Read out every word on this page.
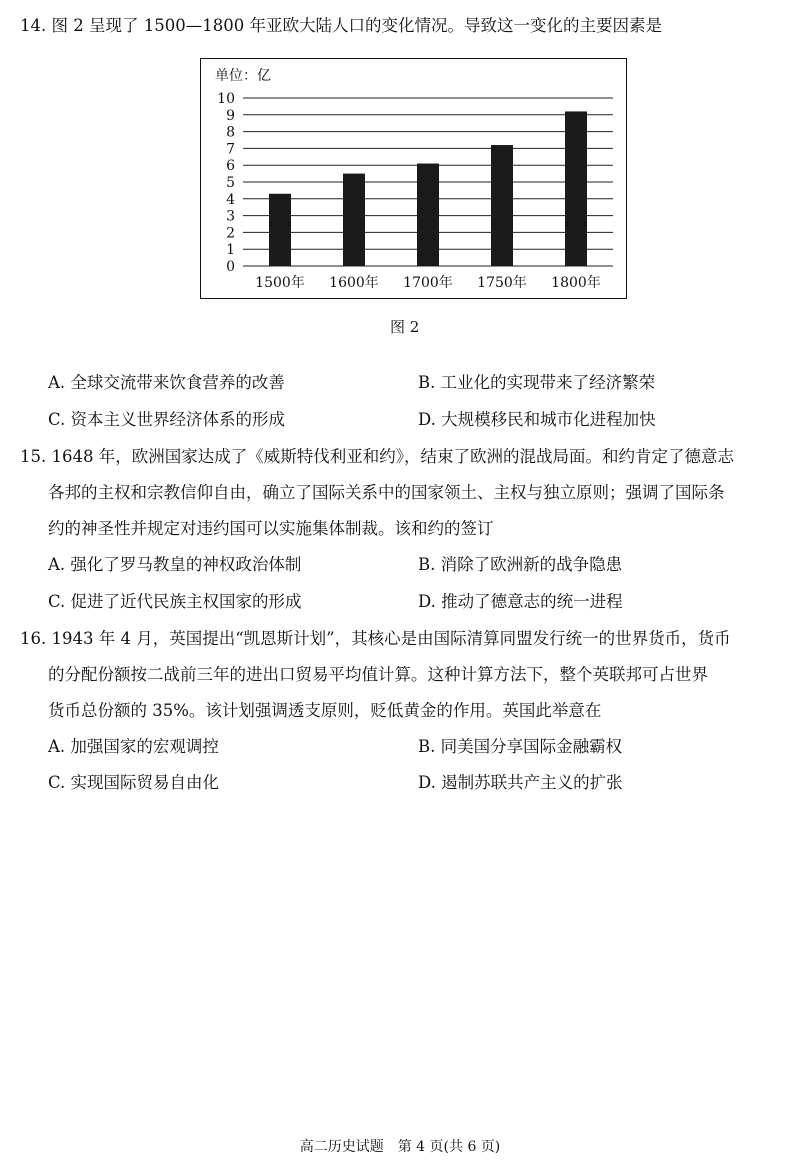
14. 图 2 呈现了 1500—1800 年亚欧大陆人口的变化情况。导致这一变化的主要因素是
单位：亿
0
1
2
3
4
5
6
7
8
9
10
1500年 1600年 1700年 1750年 1800年
图 2
A. 全球交流带来饮食营养的改善	B. 工业化的实现带来了经济繁荣
C. 资本主义世界经济体系的形成	D. 大规模移民和城市化进程加快
15. 1648 年，欧洲国家达成了《威斯特伐利亚和约》，结束了欧洲的混战局面。和约肯定了德意志
各邦的主权和宗教信仰自由，确立了国际关系中的国家领土、主权与独立原则；强调了国际条
约的神圣性并规定对违约国可以实施集体制裁。该和约的签订
A. 强化了罗马教皇的神权政治体制	B. 消除了欧洲新的战争隐患
C. 促进了近代民族主权国家的形成	D. 推动了德意志的统一进程
16. 1943 年 4 月，英国提出“凯恩斯计划”，其核心是由国际清算同盟发行统一的世界货币，货币
的分配份额按二战前三年的进出口贸易平均值计算。这种计算方法下，整个英联邦可占世界
货币总份额的 35%。该计划强调透支原则，贬低黄金的作用。英国此举意在
A. 加强国家的宏观调控	B. 同美国分享国际金融霸权
C. 实现国际贸易自由化	D. 遏制苏联共产主义的扩张
高二历史试题　第 4 页(共 6 页)
